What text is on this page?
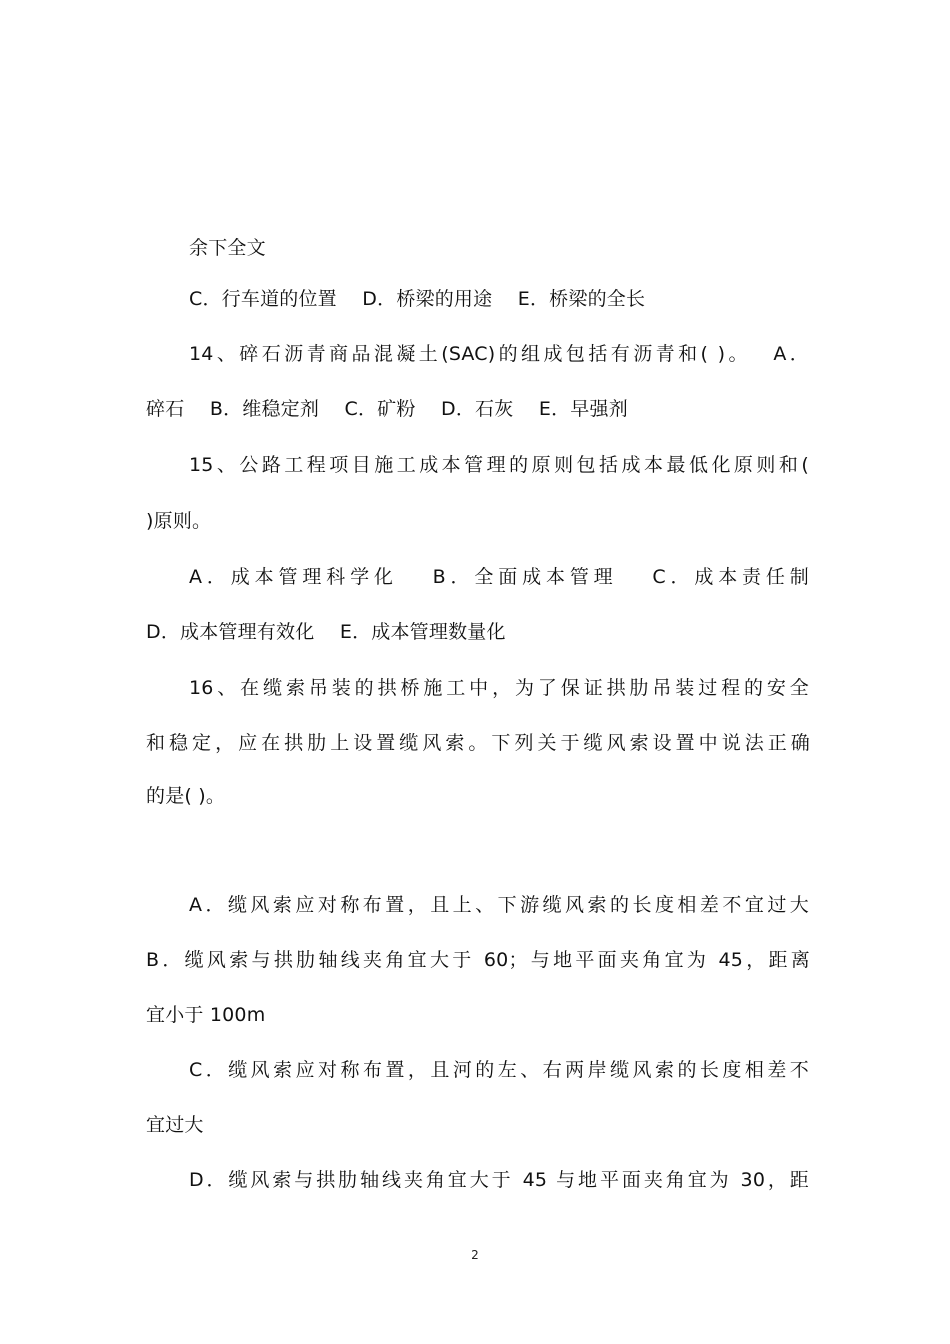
余下全文
C．行车道的位置　 D．桥梁的用途　 E．桥梁的全长
14、碎石沥青商品混凝土(SAC)的组成包括有沥青和( )。　 A．
碎石　 B．维稳定剂　 C．矿粉　 D．石灰　 E．早强剂
15、公路工程项目施工成本管理的原则包括成本最低化原则和(
)原则。
A．成本管理科学化　 B．全面成本管理　 C．成本责任制
D．成本管理有效化　 E．成本管理数量化
16、在缆索吊装的拱桥施工中，为了保证拱肋吊装过程的安全
和稳定，应在拱肋上设置缆风索。下列关于缆风索设置中说法正确
的是( )。
A．缆风索应对称布置，且上、下游缆风索的长度相差不宜过大
B．缆风索与拱肋轴线夹角宜大于 60；与地平面夹角宜为 45，距离
宜小于 100m
C．缆风索应对称布置，且河的左、右两岸缆风索的长度相差不
宜过大
D．缆风索与拱肋轴线夹角宜大于 45 与地平面夹角宜为 30，距
2
